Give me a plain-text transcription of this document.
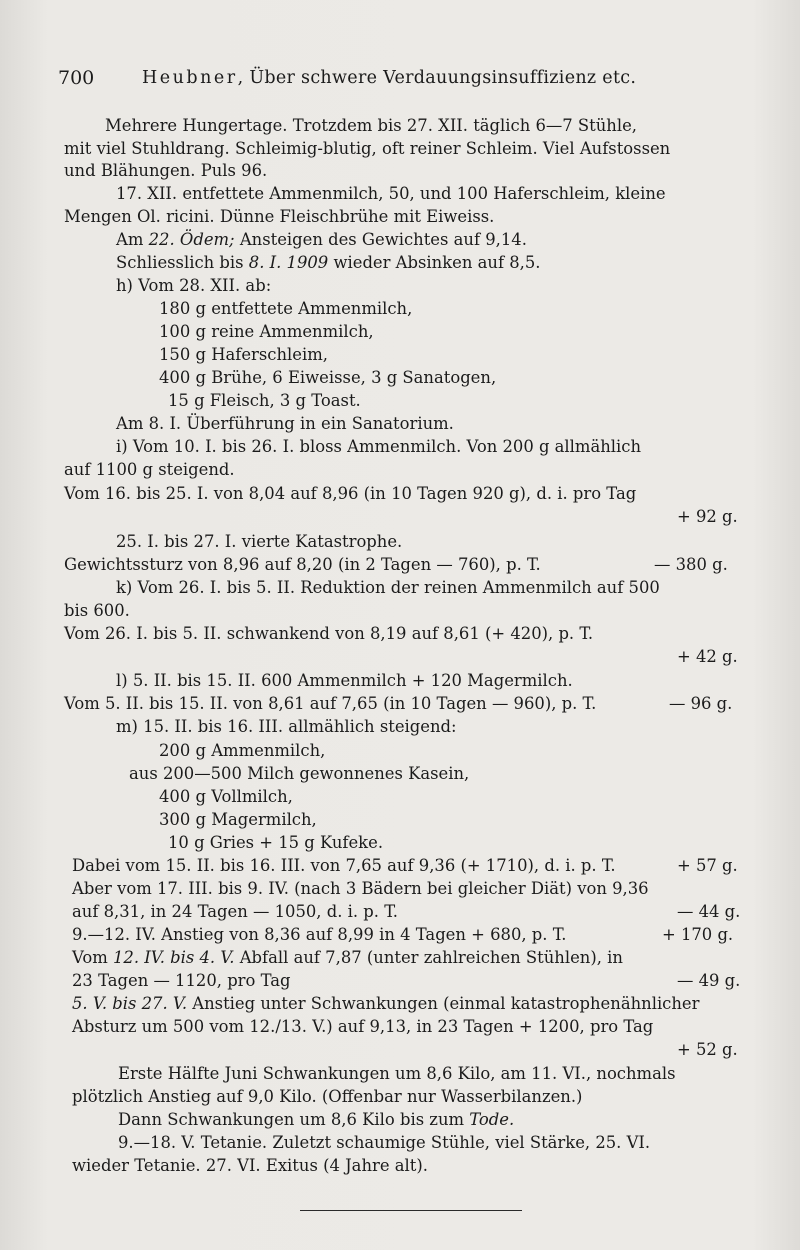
700	Heubner, Über schwere Verdauungsinsuffizienz etc.
Mehrere Hungertage. Trotzdem bis 27. XII. täglich 6—7 Stühle,
mit viel Stuhldrang. Schleimig-blutig, oft reiner Schleim. Viel Aufstossen
und Blähungen. Puls 96.
17. XII. entfettete Ammenmilch, 50, und 100 Haferschleim, kleine
Mengen Ol. ricini. Dünne Fleischbrühe mit Eiweiss.
Am 22. Ödem; Ansteigen des Gewichtes auf 9,14.
Schliesslich bis 8. I. 1909 wieder Absinken auf 8,5.
h) Vom 28. XII. ab:
180 g entfettete Ammenmilch,
100 g reine Ammenmilch,
150 g Haferschleim,
400 g Brühe, 6 Eiweisse, 3 g Sanatogen,
15 g Fleisch, 3 g Toast.
Am 8. I. Überführung in ein Sanatorium.
i) Vom 10. I. bis 26. I. bloss Ammenmilch. Von 200 g allmählich
auf 1100 g steigend.
Vom 16. bis 25. I. von 8,04 auf 8,96 (in 10 Tagen 920 g), d. i. pro Tag
+ 92 g.
25. I. bis 27. I. vierte Katastrophe.
Gewichtssturz von 8,96 auf 8,20 (in 2 Tagen — 760), p. T.	— 380 g.
k) Vom 26. I. bis 5. II. Reduktion der reinen Ammenmilch auf 500
bis 600.
Vom 26. I. bis 5. II. schwankend von 8,19 auf 8,61 (+ 420), p. T.
+ 42 g.
l) 5. II. bis 15. II. 600 Ammenmilch + 120 Magermilch.
Vom 5. II. bis 15. II. von 8,61 auf 7,65 (in 10 Tagen — 960), p. T.	— 96 g.
m) 15. II. bis 16. III. allmählich steigend:
200 g Ammenmilch,
aus 200—500 Milch gewonnenes Kasein,
400 g Vollmilch,
300 g Magermilch,
10 g Gries + 15 g Kufeke.
Dabei vom 15. II. bis 16. III. von 7,65 auf 9,36 (+ 1710), d. i. p. T.	+ 57 g.
Aber vom 17. III. bis 9. IV. (nach 3 Bädern bei gleicher Diät) von 9,36
auf 8,31, in 24 Tagen — 1050, d. i. p. T.	— 44 g.
9.—12. IV. Anstieg von 8,36 auf 8,99 in 4 Tagen + 680, p. T.	+ 170 g.
Vom 12. IV. bis 4. V. Abfall auf 7,87 (unter zahlreichen Stühlen), in
23 Tagen — 1120, pro Tag	— 49 g.
5. V. bis 27. V. Anstieg unter Schwankungen (einmal katastrophenähnlicher
Absturz um 500 vom 12./13. V.) auf 9,13, in 23 Tagen + 1200, pro Tag
+ 52 g.
Erste Hälfte Juni Schwankungen um 8,6 Kilo, am 11. VI., nochmals
plötzlich Anstieg auf 9,0 Kilo. (Offenbar nur Wasserbilanzen.)
Dann Schwankungen um 8,6 Kilo bis zum Tode.
9.—18. V. Tetanie. Zuletzt schaumige Stühle, viel Stärke, 25. VI.
wieder Tetanie. 27. VI. Exitus (4 Jahre alt).
